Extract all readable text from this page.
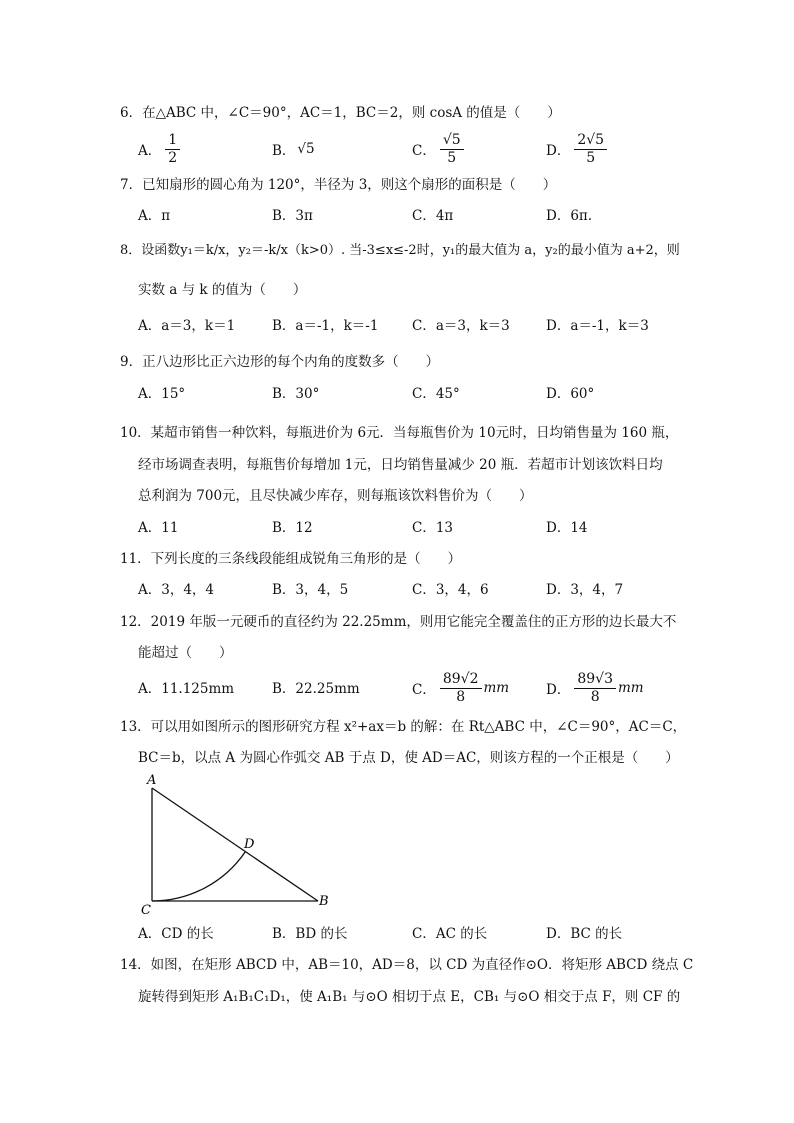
6．在△ABC 中，∠C＝90°，AC＝1，BC＝2，则 cosA 的值是（　　）
A． $\frac{1}{2}$	B． √5	C． $\frac{√5}{5}$	D． $\frac{2√5}{5}$
7．已知扇形的圆心角为 120°，半径为 3，则这个扇形的面积是（　　）
A．π	B．3π	C．4π	D．6π.
8．设函数y₁＝k/x，y₂＝-k/x（k>0）. 当-3≤x≤-2时，y₁的最大值为 a，y₂的最小值为 a+2，则
实数 a 与 k 的值为（　　）
A．a＝3，k＝1	B．a＝-1，k＝-1 C．a＝3，k＝3	D．a＝-1，k＝3
9．正八边形比正六边形的每个内角的度数多（　　）
A．15°	B．30°	C．45°	D．60°
10．某超市销售一种饮料，每瓶进价为 6元．当每瓶售价为 10元时，日均销售量为 160 瓶，
经市场调查表明，每瓶售价每增加 1元，日均销售量减少 20 瓶．若超市计划该饮料日均
总利润为 700元，且尽快减少库存，则每瓶该饮料售价为（　　）
A．11	B．12	C．13	D．14
11．下列长度的三条线段能组成锐角三角形的是（　　）
A．3，4，4	B．3，4，5	C．3，4，6	D．3，4，7
12．2019 年版一元硬币的直径约为 22.25mm，则用它能完全覆盖住的正方形的边长最大不
能超过（　　）
A．11.125mm	B．22.25mm	C． $\frac{89√2}{8}$ mm	D． $\frac{89√3}{8}$ mm
13．可以用如图所示的图形研究方程 x²+ax＝b 的解：在 Rt△ABC 中，∠C＝90°，AC＝C，
BC＝b，以点 A 为圆心作弧交 AB 于点 D，使 AD＝AC，则该方程的一个正根是（　　）
A
B
C
D
A．CD 的长	B．BD 的长	C．AC 的长	D．BC 的长
14．如图，在矩形 ABCD 中，AB＝10，AD＝8，以 CD 为直径作⊙O．将矩形 ABCD 绕点 C
旋转得到矩形 A₁B₁C₁D₁，使 A₁B₁ 与⊙O 相切于点 E，CB₁ 与⊙O 相交于点 F，则 CF 的
